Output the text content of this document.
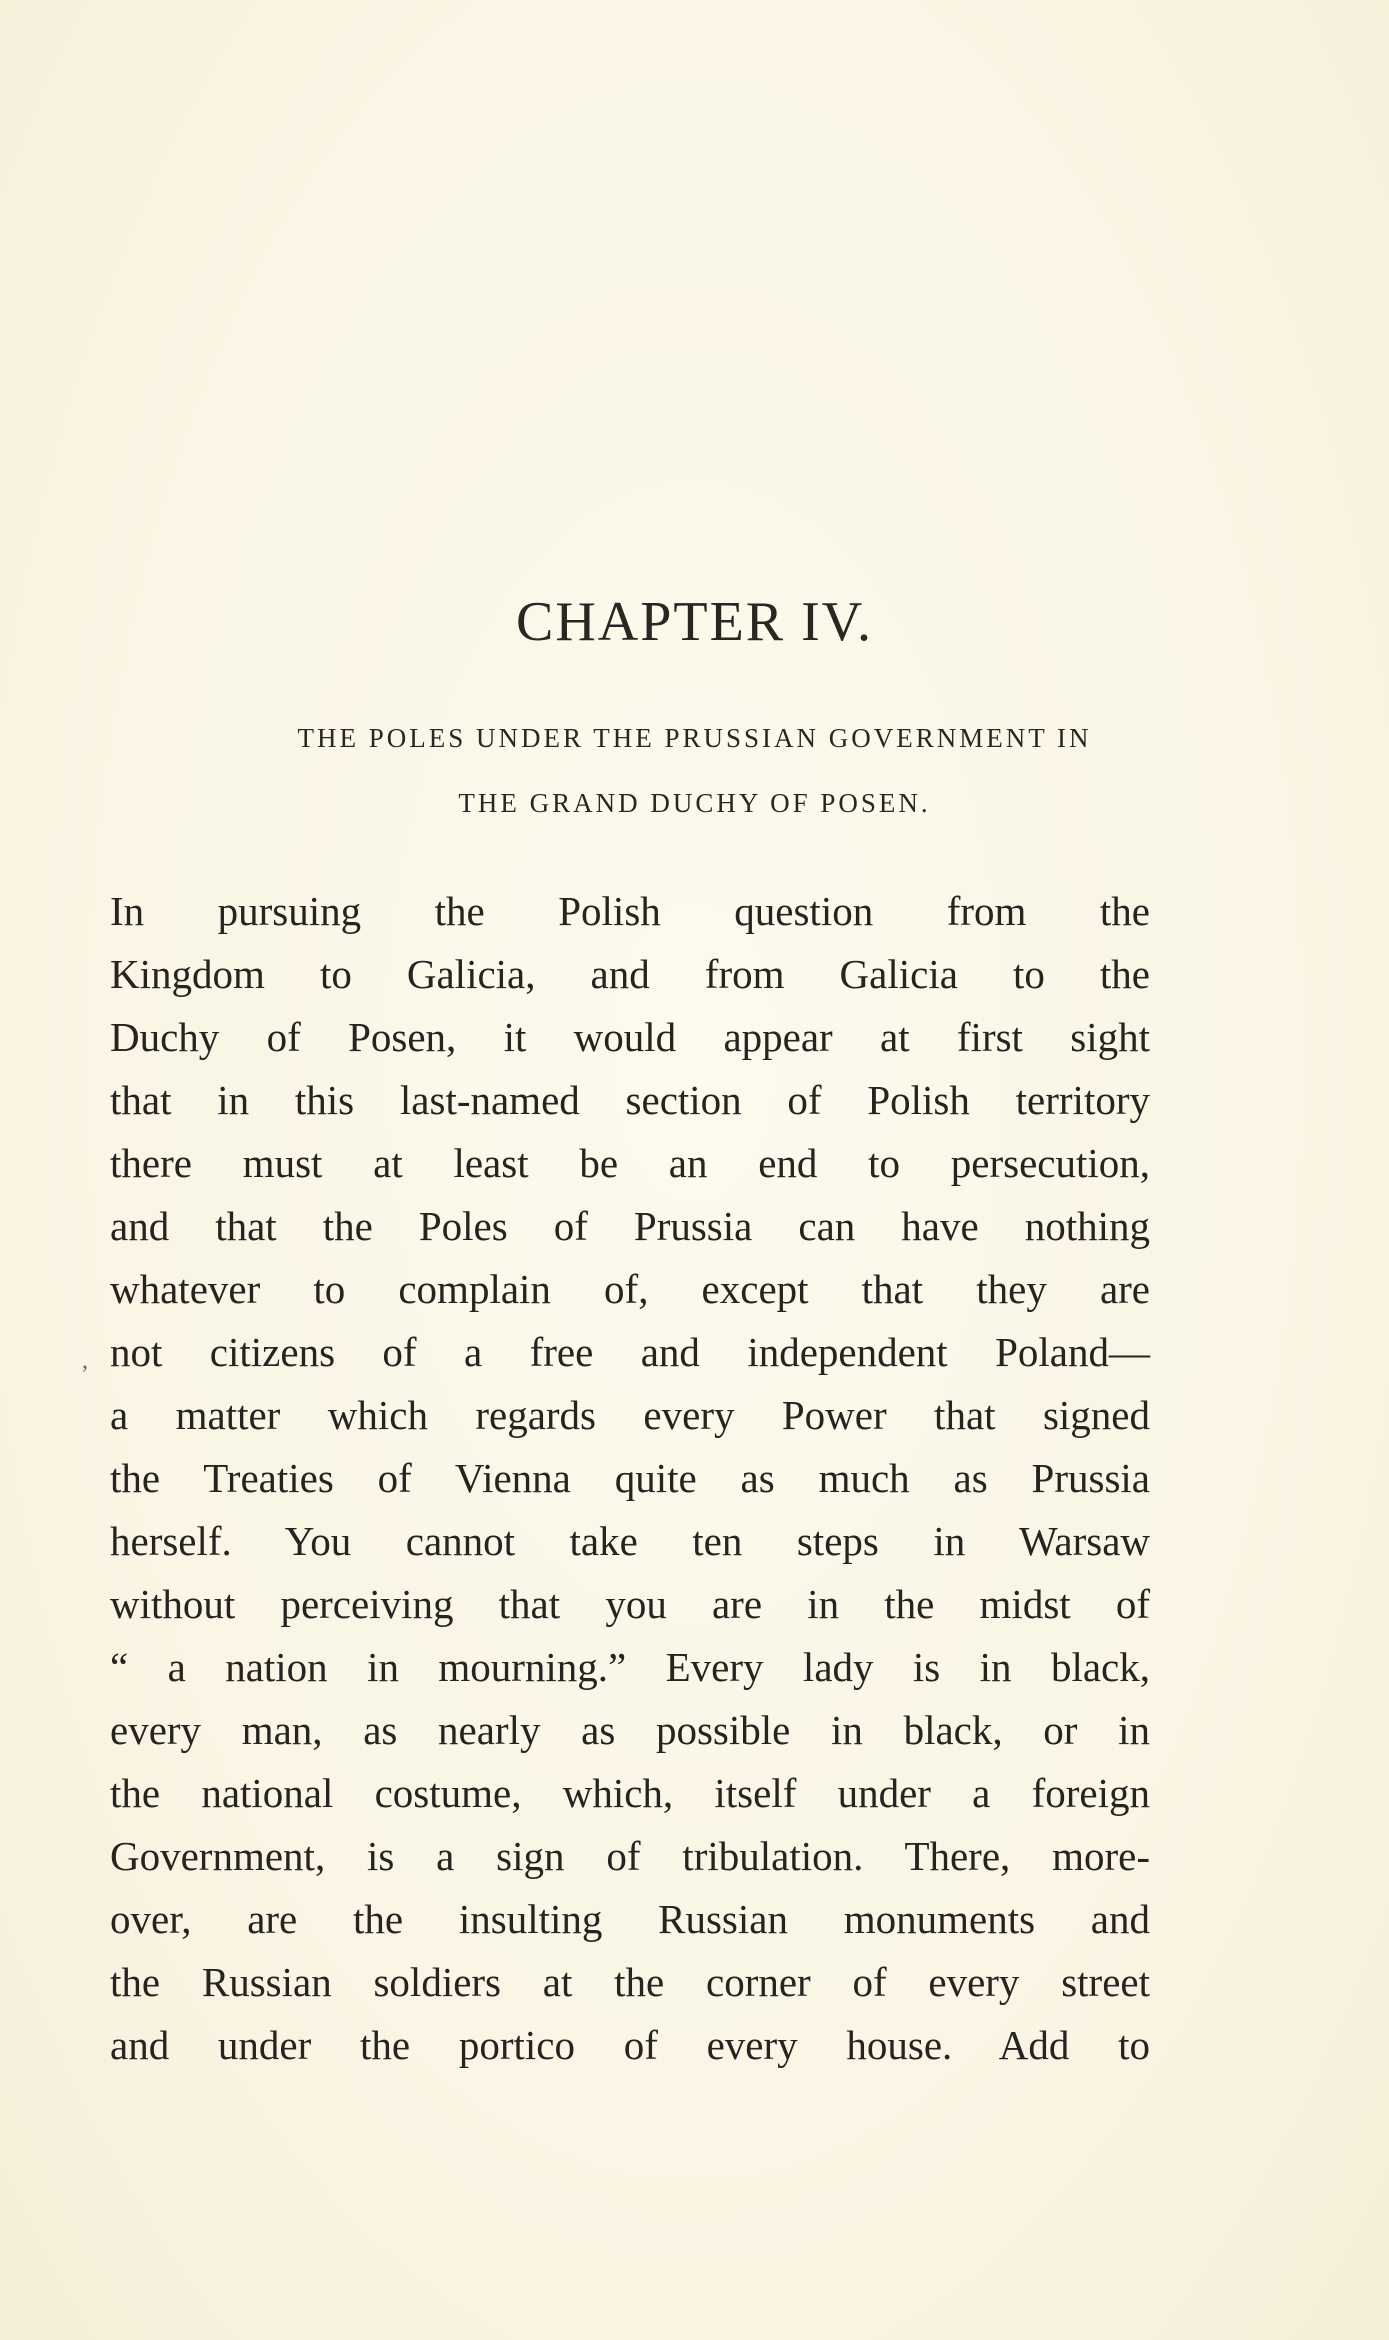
CHAPTER IV.
THE POLES UNDER THE PRUSSIAN GOVERNMENT IN
THE GRAND DUCHY OF POSEN.
,
In pursuing the Polish question from the
Kingdom to Galicia, and from Galicia to the
Duchy of Posen, it would appear at first sight
that in this last-named section of Polish territory
there must at least be an end to persecution,
and that the Poles of Prussia can have nothing
whatever to complain of, except that they are
not citizens of a free and independent Poland—
a matter which regards every Power that signed
the Treaties of Vienna quite as much as Prussia
herself. You cannot take ten steps in Warsaw
without perceiving that you are in the midst of
“ a nation in mourning.” Every lady is in black,
every man, as nearly as possible in black, or in
the national costume, which, itself under a foreign
Government, is a sign of tribulation. There, more-
over, are the insulting Russian monuments and
the Russian soldiers at the corner of every street
and under the portico of every house. Add to
